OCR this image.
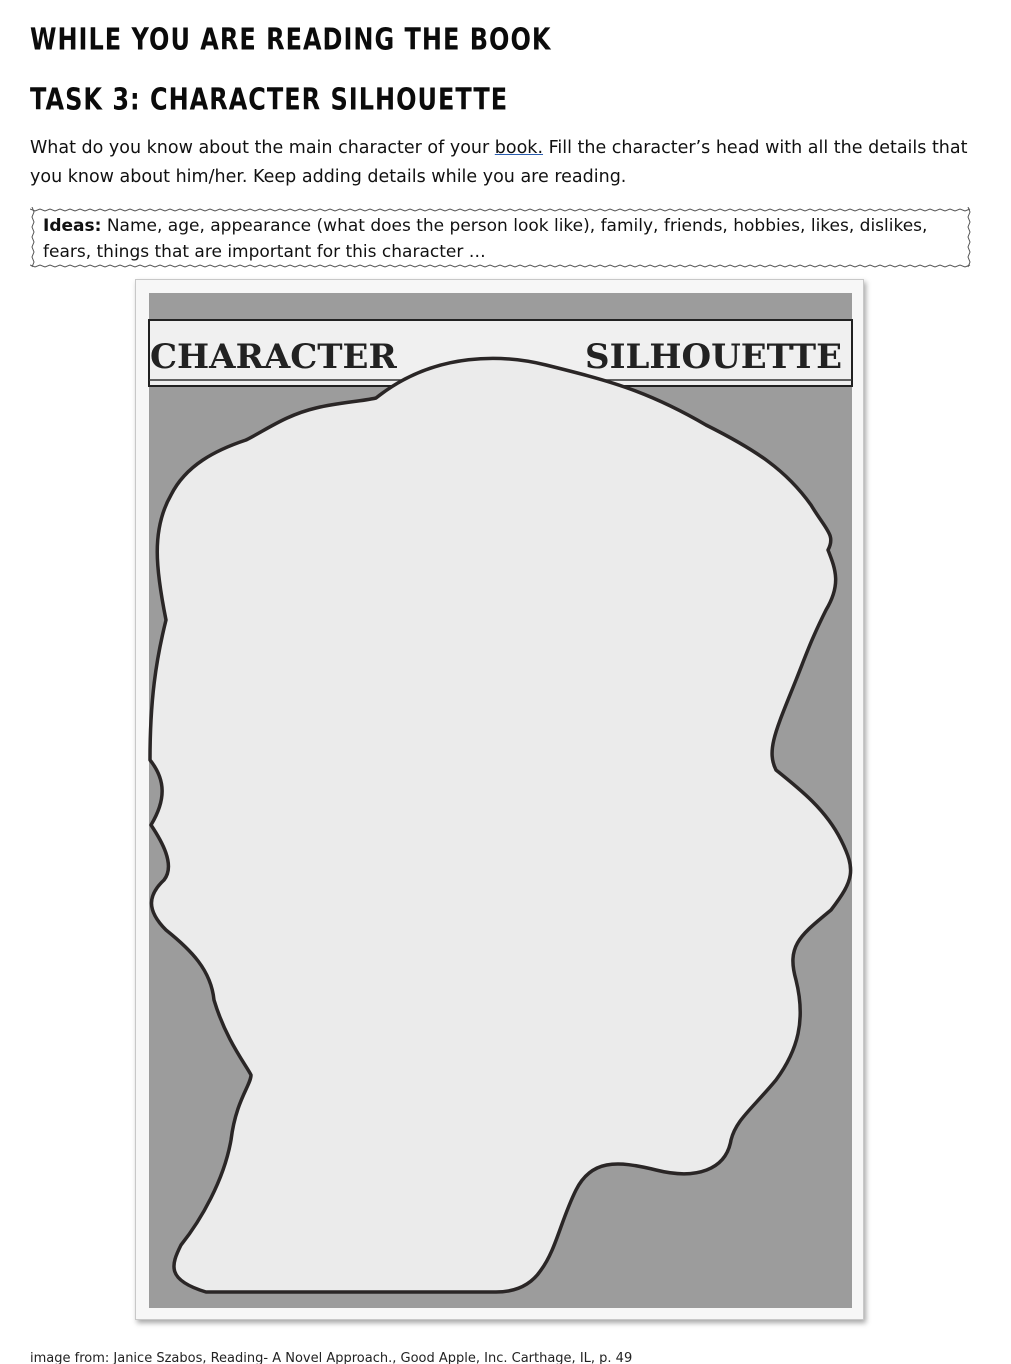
WHILE YOU ARE READING THE BOOK
TASK 3: CHARACTER SILHOUETTE

What do you know about the main character of your book. Fill the character’s head with all the details that you know about him/her. Keep adding details while you are reading.

Ideas: Name, age, appearance (what does the person look like), family, friends, hobbies, likes, dislikes, fears, things that are important for this character …
CHARACTER	SILHOUETTE
image from: Janice Szabos, Reading- A Novel Approach., Good Apple, Inc. Carthage, IL, p. 49
